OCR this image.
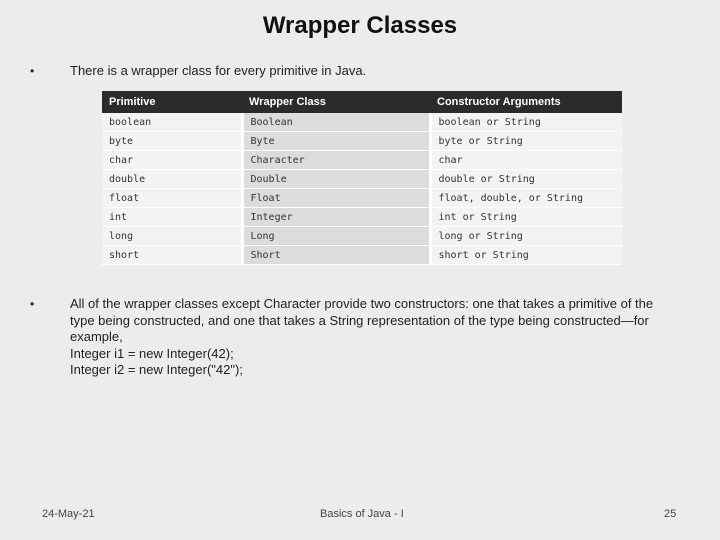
Wrapper Classes
•	There is a wrapper class for every primitive in Java.
Primitive	Wrapper Class	Constructor Arguments
boolean	Boolean	boolean or String
byte	Byte	byte or String
char	Character	char
double	Double	double or String
float	Float	float, double, or String
int	Integer	int or String
long	Long	long or String
short	Short	short or String
•	All of the wrapper classes except Character provide two constructors: one that takes a primitive of the type being constructed, and one that takes a String representation of the type being constructed—for example,
Integer i1 = new Integer(42);
Integer i2 = new Integer("42");
24-May-21	Basics of Java - I	25
